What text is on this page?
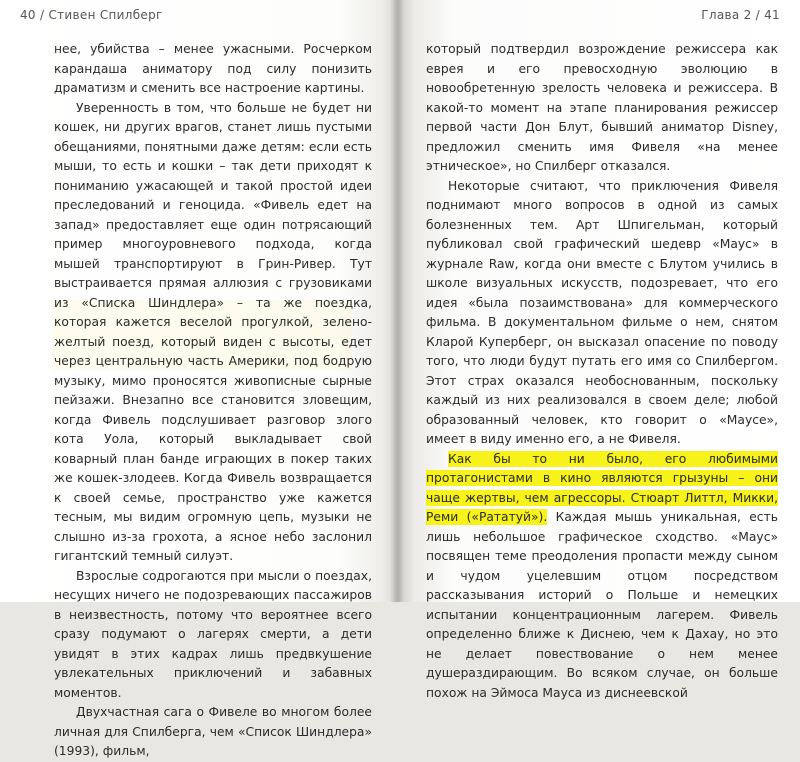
40 / Стивен Спилберг

нее, убийства – менее ужасными. Росчерком карандаша аниматору под силу понизить драматизм и сменить все настроение картины.

Уверенность в том, что больше не будет ни кошек, ни других врагов, станет лишь пустыми обещаниями, понятными даже детям: если есть мыши, то есть и кошки – так дети приходят к пониманию ужасающей и такой простой идеи преследований и геноцида. «Фивель едет на запад» предоставляет еще один потрясающий пример многоуровневого подхода, когда мышей транспортируют в Грин-Ривер. Тут выстраивается прямая аллюзия с грузовиками из «Списка Шиндлера» – та же поездка, которая кажется веселой прогулкой, зелено-желтый поезд, который виден с высоты, едет через центральную часть Америки, под бодрую музыку, мимо проносятся живописные сырные пейзажи. Внезапно все становится зловещим, когда Фивель подслушивает разговор злого кота Уола, который выкладывает свой коварный план банде играющих в покер таких же кошек-злодеев. Когда Фивель возвращается к своей семье, пространство уже кажется тесным, мы видим огромную цепь, музыки не слышно из-за грохота, а ясное небо заслонил гигантский темный силуэт.

Взрослые содрогаются при мысли о поездах, несущих ничего не подозревающих пассажиров в неизвестность, потому что вероятнее всего сразу подумают о лагерях смерти, а дети увидят в этих кадрах лишь предвкушение увлекательных приключений и забавных моментов.

Двухчастная сага о Фивеле во многом более личная для Спилберга, чем «Список Шиндлера» (1993), фильм,

Глава 2 / 41

который подтвердил возрождение режиссера как еврея и его превосходную эволюцию в новообретенную зрелость человека и режиссера. В какой-то момент на этапе планирования режиссер первой части Дон Блут, бывший аниматор Disney, предложил сменить имя Фивеля «на менее этническое», но Спилберг отказался.

Некоторые считают, что приключения Фивеля поднимают много вопросов в одной из самых болезненных тем. Арт Шпигельман, который публиковал свой графический шедевр «Маус» в журнале Raw, когда они вместе с Блутом учились в школе визуальных искусств, подозревает, что его идея «была позаимствована» для коммерческого фильма. В документальном фильме о нем, снятом Кларой Куперберг, он высказал опасение по поводу того, что люди будут путать его имя со Спилбергом. Этот страх оказался необоснованным, поскольку каждый из них реализовался в своем деле; любой образованный человек, кто говорит о «Маусе», имеет в виду именно его, а не Фивеля.

Как бы то ни было, его любимыми протагонистами в кино являются грызуны – они чаще жертвы, чем агрессоры. Стюарт Литтл, Микки, Реми («Рататуй»). Каждая мышь уникальная, есть лишь небольшое графическое сходство. «Маус» посвящен теме преодоления пропасти между сыном и чудом уцелевшим отцом посредством рассказывания историй о Польше и немецких испытании концентрационным лагерем. Фивель определенно ближе к Диснею, чем к Дахау, но это не делает повествование о нем менее душераздирающим. Во всяком случае, он больше похож на Эймоса Мауса из диснеевской
